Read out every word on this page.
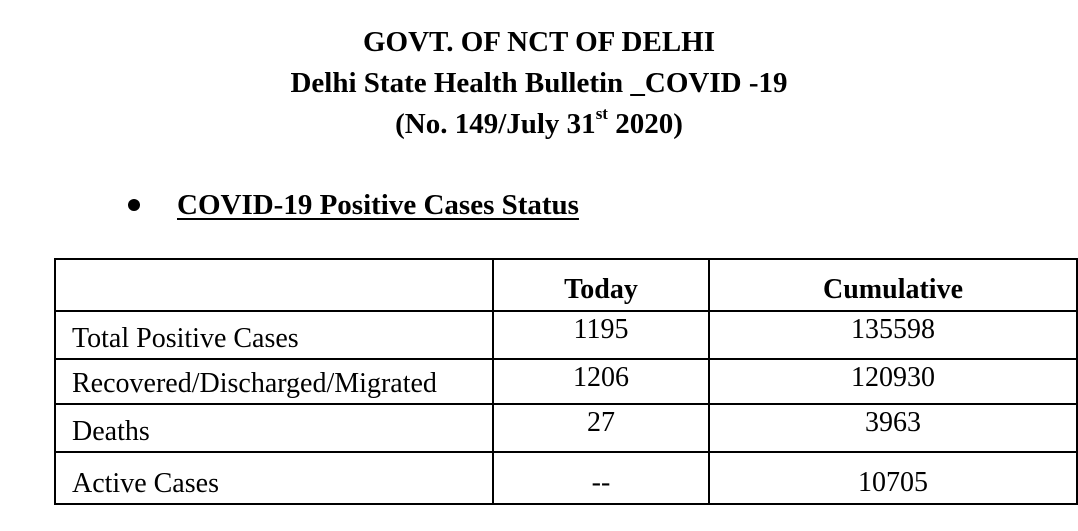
GOVT. OF NCT OF DELHI
Delhi State Health Bulletin _COVID -19
(No. 149/July 31st 2020)
COVID-19 Positive Cases Status
	Today	Cumulative
Total Positive Cases	1195	135598
Recovered/Discharged/Migrated	1206	120930
Deaths	27	3963
Active Cases	--	10705
